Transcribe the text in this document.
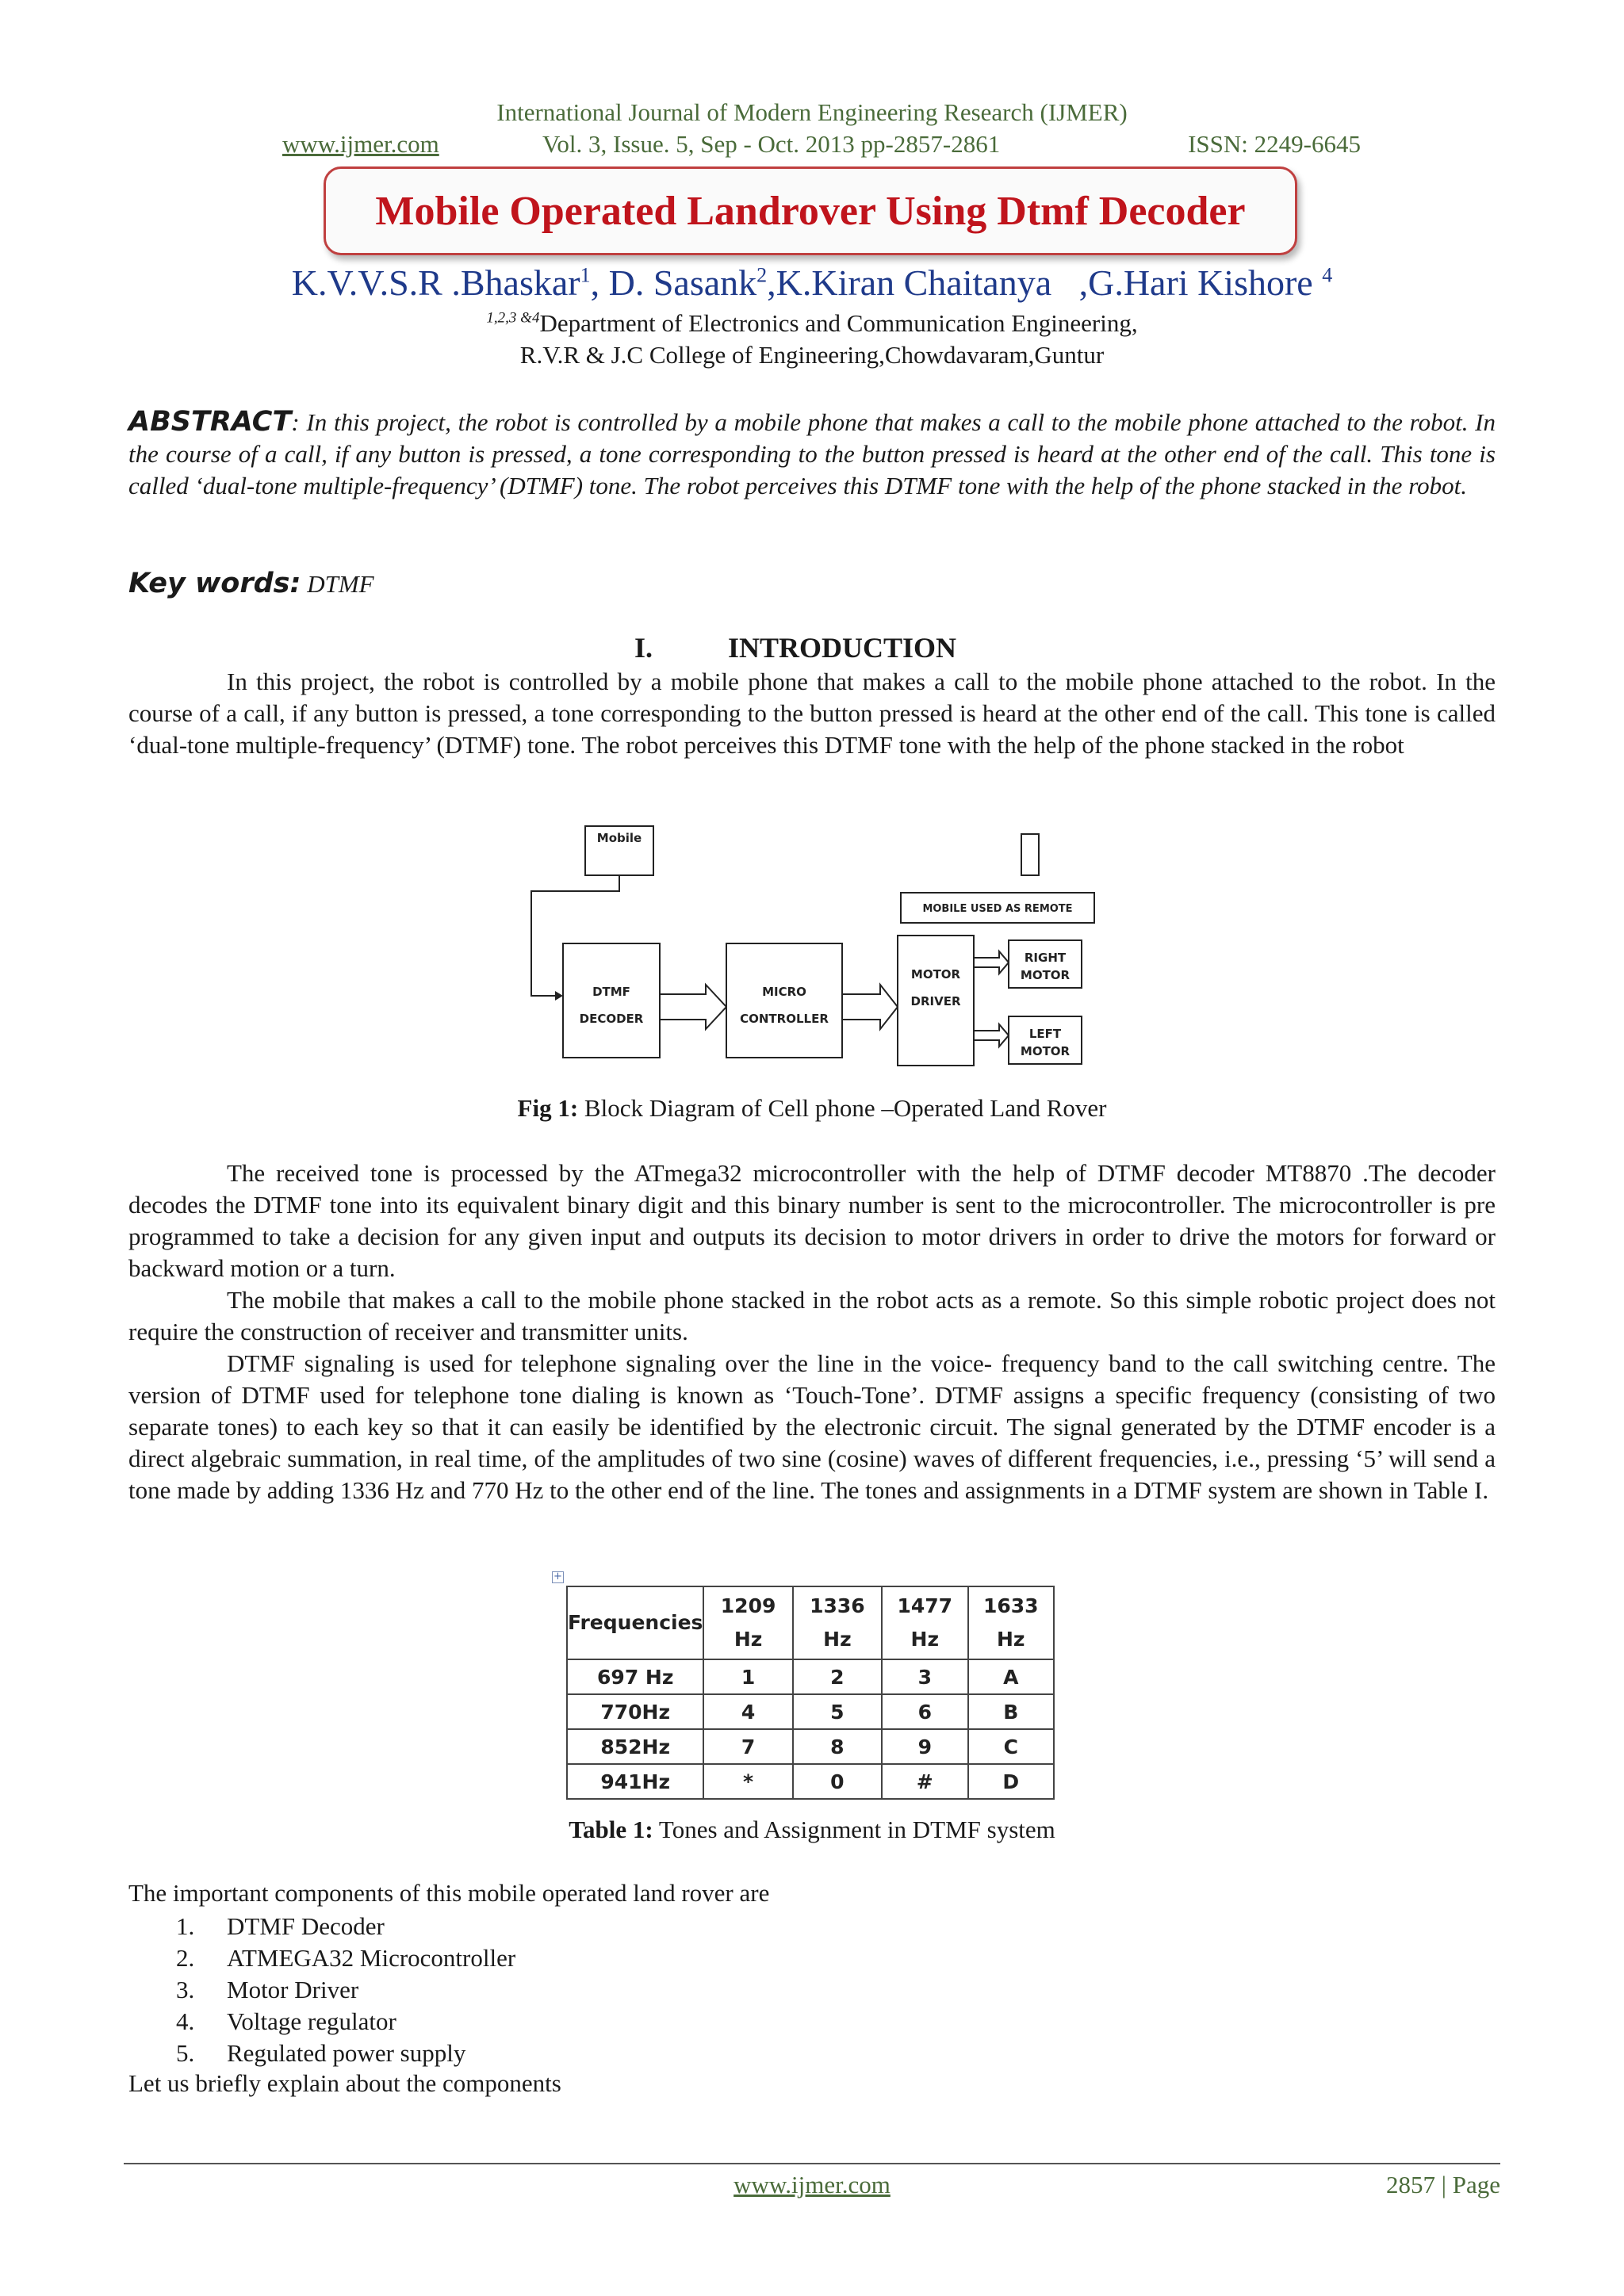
International Journal of Modern Engineering Research (IJMER)
www.ijmer.com	Vol. 3, Issue. 5, Sep - Oct. 2013 pp-2857-2861	ISSN: 2249-6645
Mobile Operated Landrover Using Dtmf Decoder
K.V.V.S.R .Bhaskar$^1$, D. Sasank$^2$,K.Kiran Chaitanya   ,G.Hari Kishore $^4$
$^{1,2,3 \&4}$Department of Electronics and Communication Engineering,
R.V.R & J.C College of Engineering,Chowdavaram,Guntur
ABSTRACT: In this project, the robot is controlled by a mobile phone that makes a call to the mobile phone attached to the robot. In the course of a call, if any button is pressed, a tone corresponding to the button pressed is heard at the other end of the call. This tone is called ‘dual-tone multiple-frequency’ (DTMF) tone. The robot perceives this DTMF tone with the help of the phone stacked in the robot.
Key words: DTMF
I.	INTRODUCTION

In this project, the robot is controlled by a mobile phone that makes a call to the mobile phone attached to the robot. In the course of a call, if any button is pressed, a tone corresponding to the button pressed is heard at the other end of the call. This tone is called ‘dual-tone multiple-frequency’ (DTMF) tone. The robot perceives this DTMF tone with the help of the phone stacked in the robot

Mobile
MOBILE USED AS REMOTE
DTMF
DECODER
MICRO
CONTROLLER
MOTOR
DRIVER
RIGHT
MOTOR
LEFT
MOTOR
Fig 1: Block Diagram of Cell phone –Operated Land Rover

The received tone is processed by the ATmega32 microcontroller with the help of DTMF decoder MT8870 .The decoder decodes the DTMF tone into its equivalent binary digit and this binary number is sent to the microcontroller. The microcontroller is pre programmed to take a decision for any given input and outputs its decision to motor drivers in order to drive the motors for forward or backward motion or a turn.

The mobile that makes a call to the mobile phone stacked in the robot acts as a remote. So this simple robotic project does not require the construction of receiver and transmitter units.

DTMF signaling is used for telephone signaling over the line in the voice- frequency band to the call switching centre. The version of DTMF used for telephone tone dialing is known as ‘Touch-Tone’. DTMF assigns a specific frequency (consisting of two separate tones) to each key so that it can easily be identified by the electronic circuit. The signal generated by the DTMF encoder is a direct algebraic summation, in real time, of the amplitudes of two sine (cosine) waves of different frequencies, i.e., pressing ‘5’ will send a tone made by adding 1336 Hz and 770 Hz to the other end of the line. The tones and assignments in a DTMF system are shown in Table I.

+
Frequencies	1209 Hz	1336 Hz	1477 Hz	1633 Hz
697 Hz	1	2	3	A
770Hz	4	5	6	B
852Hz	7	8	9	C
941Hz	*	0	#	D
Table 1: Tones and Assignment in DTMF system
The important components of this mobile operated land rover are
1. DTMF Decoder
2. ATMEGA32 Microcontroller
3. Motor Driver
4. Voltage regulator
5. Regulated power supply
Let us briefly explain about the components
www.ijmer.com	2857 | Page
